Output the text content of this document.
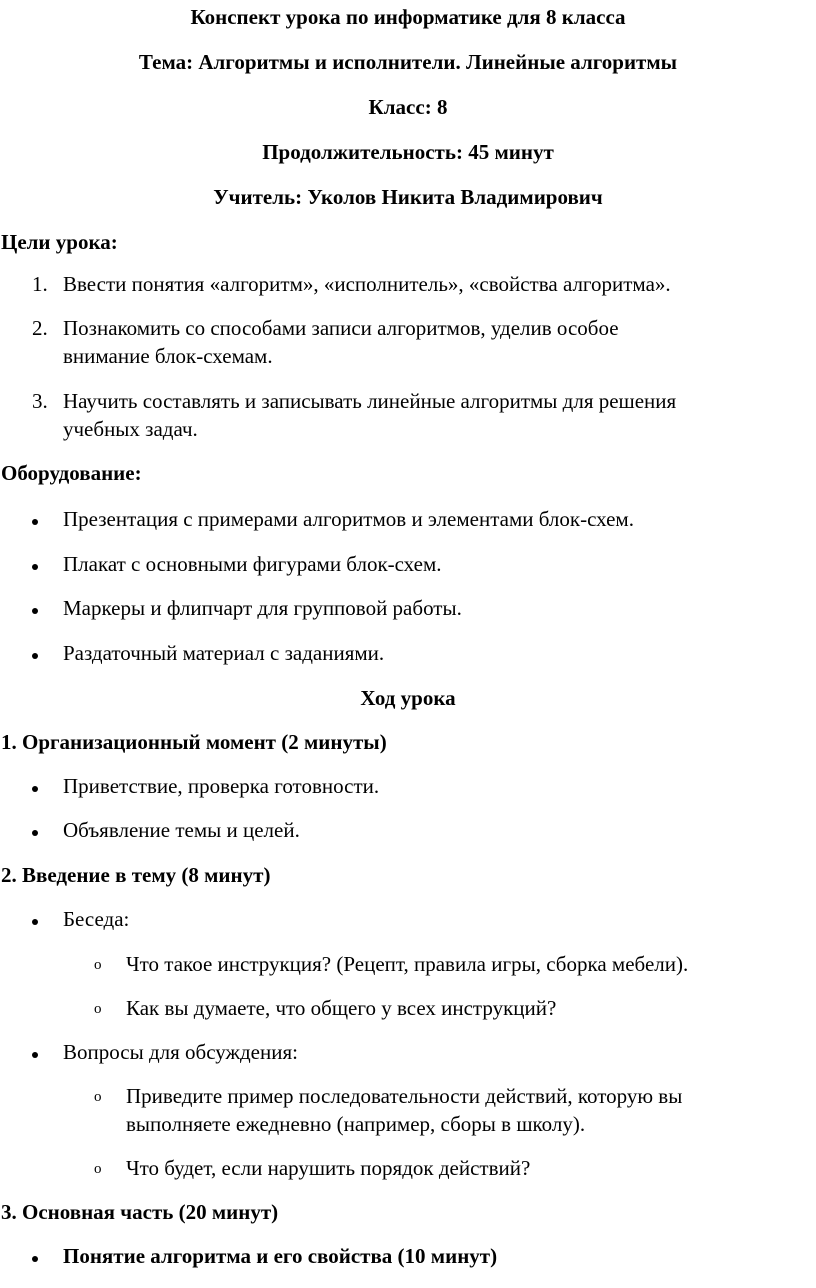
Конспект урока по информатике для 8 класса
Тема: Алгоритмы и исполнители. Линейные алгоритмы
Класс: 8
Продолжительность: 45 минут
Учитель: Уколов Никита Владимирович
Цели урока:
1. Ввести понятия «алгоритм», «исполнитель», «свойства алгоритма».
2. Познакомить со способами записи алгоритмов, уделив особое
внимание блок-схемам.
3. Научить составлять и записывать линейные алгоритмы для решения
учебных задач.
Оборудование:
Презентация с примерами алгоритмов и элементами блок-схем.
Плакат с основными фигурами блок-схем.
Маркеры и флипчарт для групповой работы.
Раздаточный материал с заданиями.
Ход урока
1. Организационный момент (2 минуты)
Приветствие, проверка готовности.
Объявление темы и целей.
2. Введение в тему (8 минут)
Беседа:
o Что такое инструкция? (Рецепт, правила игры, сборка мебели).
o Как вы думаете, что общего у всех инструкций?
Вопросы для обсуждения:
o Приведите пример последовательности действий, которую вы
выполняете ежедневно (например, сборы в школу).
o Что будет, если нарушить порядок действий?
3. Основная часть (20 минут)
Понятие алгоритма и его свойства (10 минут)
